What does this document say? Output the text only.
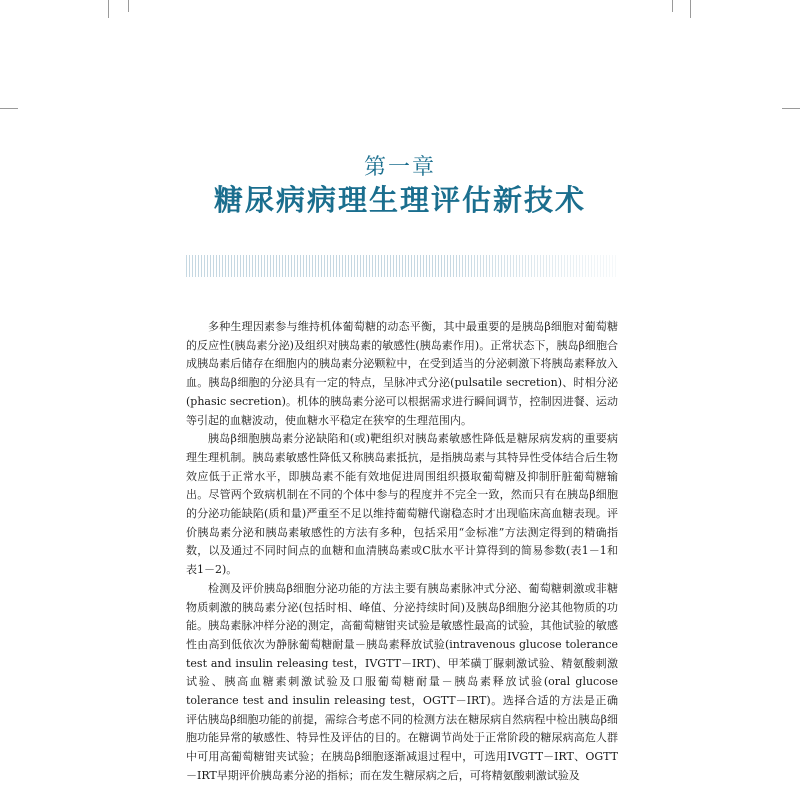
第一章
糖尿病病理生理评估新技术

多种生理因素参与维持机体葡萄糖的动态平衡，其中最重要的是胰岛β细胞对葡萄糖的反应性(胰岛素分泌)及组织对胰岛素的敏感性(胰岛素作用)。正常状态下，胰岛β细胞合成胰岛素后储存在细胞内的胰岛素分泌颗粒中，在受到适当的分泌刺激下将胰岛素释放入血。胰岛β细胞的分泌具有一定的特点，呈脉冲式分泌(pulsatile secretion)、时相分泌(phasic secretion)。机体的胰岛素分泌可以根据需求进行瞬间调节，控制因进餐、运动等引起的血糖波动，使血糖水平稳定在狭窄的生理范围内。

胰岛β细胞胰岛素分泌缺陷和(或)靶组织对胰岛素敏感性降低是糖尿病发病的重要病理生理机制。胰岛素敏感性降低又称胰岛素抵抗，是指胰岛素与其特异性受体结合后生物效应低于正常水平，即胰岛素不能有效地促进周围组织摄取葡萄糖及抑制肝脏葡萄糖输出。尽管两个致病机制在不同的个体中参与的程度并不完全一致，然而只有在胰岛β细胞的分泌功能缺陷(质和量)严重至不足以维持葡萄糖代谢稳态时才出现临床高血糖表现。评价胰岛素分泌和胰岛素敏感性的方法有多种，包括采用“金标准”方法测定得到的精确指数，以及通过不同时间点的血糖和血清胰岛素或C肽水平计算得到的简易参数(表1－1和表1－2)。

检测及评价胰岛β细胞分泌功能的方法主要有胰岛素脉冲式分泌、葡萄糖刺激或非糖物质刺激的胰岛素分泌(包括时相、峰值、分泌持续时间)及胰岛β细胞分泌其他物质的功能。胰岛素脉冲样分泌的测定，高葡萄糖钳夹试验是敏感性最高的试验，其他试验的敏感性由高到低依次为静脉葡萄糖耐量－胰岛素释放试验(intravenous glucose tolerance test and insulin releasing test，IVGTT－IRT)、甲苯磺丁脲刺激试验、精氨酸刺激试验、胰高血糖素刺激试验及口服葡萄糖耐量－胰岛素释放试验(oral glucose tolerance test and insulin releasing test，OGTT－IRT)。选择合适的方法是正确评估胰岛β细胞功能的前提，需综合考虑不同的检测方法在糖尿病自然病程中检出胰岛β细胞功能异常的敏感性、特异性及评估的目的。在糖调节尚处于正常阶段的糖尿病高危人群中可用高葡萄糖钳夹试验；在胰岛β细胞逐渐减退过程中，可选用IVGTT－IRT、OGTT－IRT早期评价胰岛素分泌的指标；而在发生糖尿病之后，可将精氨酸刺激试验及
